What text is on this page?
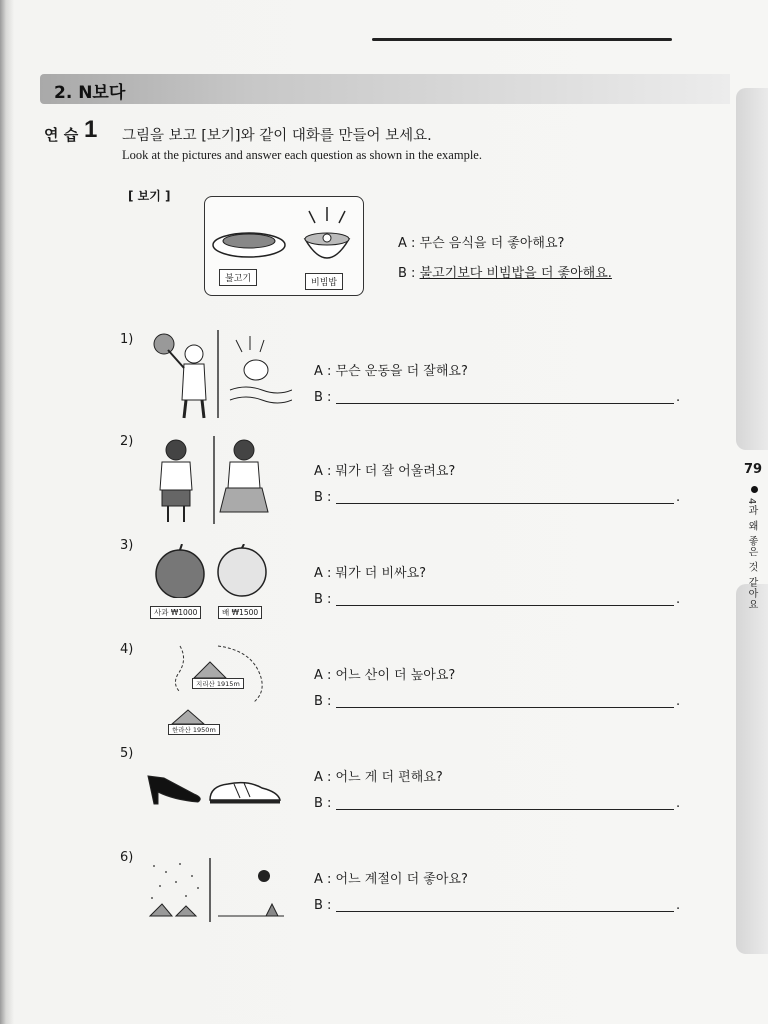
2. N보다
79
4과 왜 좋은 것 같아요
연 습 1 그림을 보고 [보기]와 같이 대화를 만들어 보세요.
Look at the pictures and answer each question as shown in the example.
[ 보기 ]
불고기	비빔밥
A : 무슨 음식을 더 좋아해요?
B : 불고기보다 비빔밥을 더 좋아해요.
1)
A : 무슨 운동을 더 잘해요?
B :	.
2)
A : 뭐가 더 잘 어울려요?
B :	.
3)
사과 ₩1000	배 ₩1500
A : 뭐가 더 비싸요?
B :	.
4)
지리산 1915m
한라산 1950m
A : 어느 산이 더 높아요?
B :	.
5)
A : 어느 게 더 편해요?
B :	.
6)
A : 어느 계절이 더 좋아요?
B :	.
